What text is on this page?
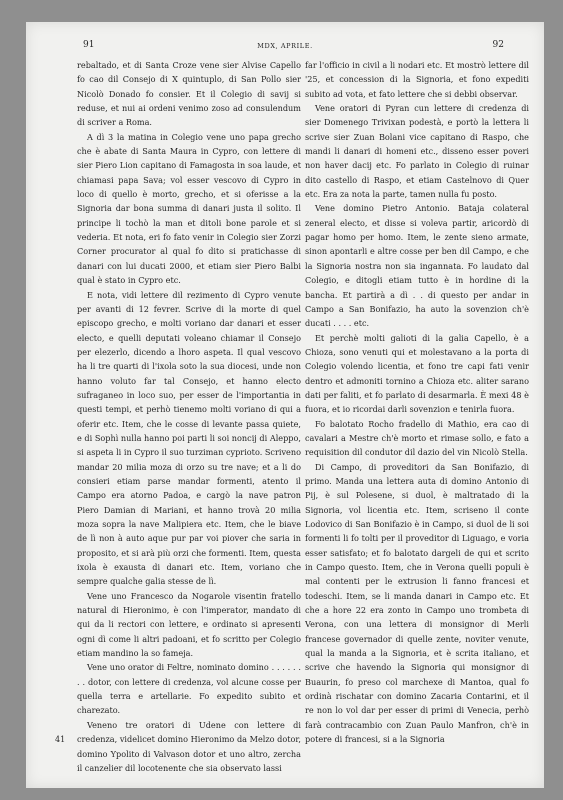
91	MDX, APRILE.	92

rebaltado, et di Santa Croze vene sier Alvise Capello fo cao dil Consejo di X quintuplo, di San Pollo sier Nicolò Donado fo consier. Et il Colegio di savij si reduse, et nui ai ordeni venimo zoso ad consulendum di scriver a Roma.

A dì 3 la matina in Colegio vene uno papa grecho che è abate di Santa Maura in Cypro, con lettere di sier Piero Lion capitano di Famagosta in soa laude, et chiamasi papa Sava; vol esser vescovo di Cypro in loco di quello è morto, grecho, et si oferisse a la Signoria dar bona summa di danari justa il solito. Il principe li tochò la man et ditoli bone parole et si vederia. Et nota, eri fo fato venir in Colegio sier Zorzi Corner procurator al qual fo dito si pratichasse di danari con lui ducati 2000, et etiam sier Piero Balbi qual è stato in Cypro etc.

E nota, vidi lettere dil rezimento di Cypro venute per avanti di 12 fevrer. Scrive di la morte di quel episcopo grecho, e molti voriano dar danari et esser electo, e quelli deputati voleano chiamar il Consejo per elezerlo, dicendo a lhoro aspeta. Il qual vescovo ha li tre quarti di l'ixola soto la sua diocesi, unde non hanno voluto far tal Consejo, et hanno electo sufraganeo in loco suo, per esser de l'importantia in questi tempi, et perhò tienemo molti voriano di qui a oferir etc. Item, che le cosse di levante passa quiete, e di Sophì nulla hanno poi parti li soi noncij di Aleppo, si aspeta li in Cypro il suo turziman cyprioto. Scriveno mandar 20 milia moza di orzo su tre nave; et a li do consieri etiam parse mandar formenti, atento il Campo era atorno Padoa, e cargò la nave patron Piero Damian di Mariani, et hanno trovà 20 milia moza sopra la nave Malipiera etc. Item, che le biave de lì non à auto aque pur par voi piover che saria in proposito, et si arà più orzi che formenti. Item, questa ixola è exausta di danari etc. Item, voriano che sempre qualche galia stesse de lì.

Vene uno Francesco da Nogarole visentin fratello natural di Hieronimo, è con l'imperator, mandato di qui da li rectori con lettere, e ordinato si apresenti ogni dì come li altri padoani, et fo scritto per Colegio etiam mandino la so fameja.

Vene uno orator di Feltre, nominato domino . . . . . . . . dotor, con lettere di credenza, vol alcune cosse per quella terra e artellarie. Fo expedito subito et charezato.

Veneno tre oratori di Udene con lettere di credenza, videlicet domino Hieronimo da Melzo dotor, domino Ypolito di Valvason dotor et uno altro, zercha il canzelier dil locotenente che sia observato lassi

41

far l'officio in civil a li nodari etc. Et mostrò lettere dil '25, et concession di la Signoria, et fono expediti subito ad vota, et fato lettere che si debbi observar.

Vene oratori di Pyran cun lettere di credenza di sier Domenego Trivixan podestà, e portò la lettera li scrive sier Zuan Bolani vice capitano di Raspo, che mandi li danari di homeni etc., disseno esser poveri non haver dacij etc. Fo parlato in Colegio di ruinar dito castello di Raspo, et etiam Castelnovo di Quer etc. Era za nota la parte, tamen nulla fu posto.

Vene domino Pietro Antonio. Bataja colateral zeneral electo, et disse si voleva partir, aricordò di pagar homo per homo. Item, le zente sieno armate, sinon apontarli e altre cosse per ben dil Campo, e che la Signoria nostra non sia ingannata. Fo laudato dal Colegio, e ditogli etiam tutto è in hordine di la bancha. Et partirà a dì . . di questo per andar in Campo a San Bonifazio, ha auto la sovenzion ch'è ducati . . . . etc.

Et perchè molti galioti di la galia Capello, è a Chioza, sono venuti qui et molestavano a la porta di Colegio volendo licentia, et fono tre capi fati venir dentro et admoniti tornino a Chioza etc. aliter sarano dati per faliti, et fo parlato di desarmarla. È mexi 48 è fuora, et io ricordai darli sovenzion e tenirla fuora.

Fo balotato Rocho fradello di Mathio, era cao di cavalari a Mestre ch'è morto et rimase sollo, e fato a requisition dil condutor dil dazio del vin Nicolò Stella.

Di Campo, di proveditori da San Bonifazio, di primo. Manda una lettera auta di domino Antonio di Pij, è sul Polesene, si duol, è maltratado di la Signoria, vol licentia etc. Item, scriseno il conte Lodovico di San Bonifazio è in Campo, si duol de li soi formenti li fo tolti per il proveditor di Liguago, e voria esser satisfato; et fo balotato dargeli de qui et scrito in Campo questo. Item, che in Verona quelli populi è mal contenti per le extrusion li fanno francesi et todeschi. Item, se li manda danari in Campo etc. Et che a hore 22 era zonto in Campo uno trombeta di Verona, con una lettera di monsignor di Merli francese governador di quelle zente, noviter venute, qual la manda a la Signoria, et è scrita italiano, et scrive che havendo la Signoria qui monsignor di Buaurin, fo preso col marchexe di Mantoa, qual fo ordinà rischatar con domino Zacaria Contarini, et il re non lo vol dar per esser di primi di Venecia, perhò farà contracambio con Zuan Paulo Manfron, ch'è in potere di francesi, si a la Signoria
